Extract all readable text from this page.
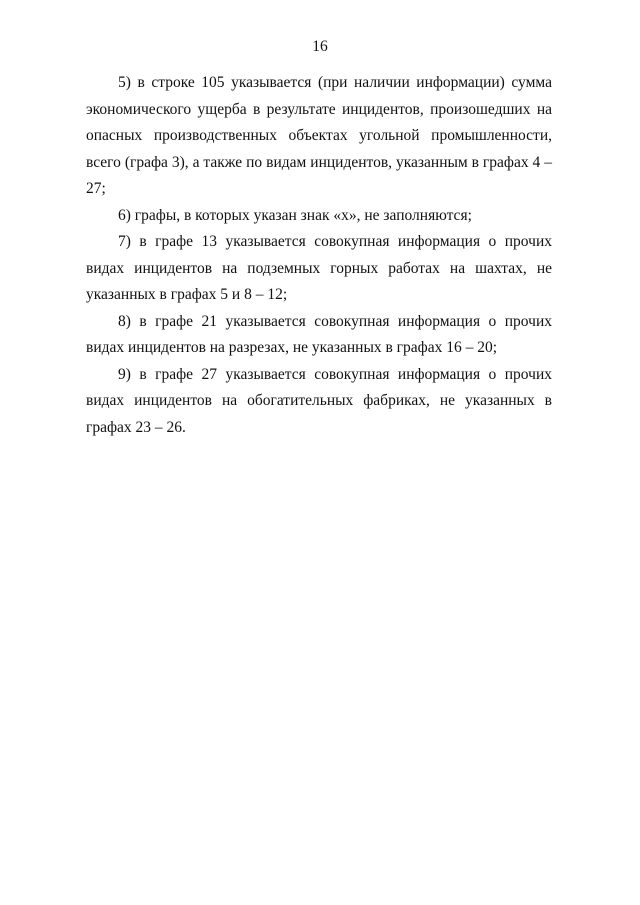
16

5) в строке 105 указывается (при наличии информации) сумма экономического ущерба в результате инцидентов, произошедших на опасных производственных объектах угольной промышленности, всего (графа 3), а также по видам инцидентов, указанным в графах 4 – 27;

6) графы, в которых указан знак «х», не заполняются;

7) в графе 13 указывается совокупная информация о прочих видах инцидентов на подземных горных работах на шахтах, не указанных в графах 5 и 8 – 12;

8) в графе 21 указывается совокупная информация о прочих видах инцидентов на разрезах, не указанных в графах 16 – 20;

9) в графе 27 указывается совокупная информация о прочих видах инцидентов на обогатительных фабриках, не указанных в графах 23 – 26.
